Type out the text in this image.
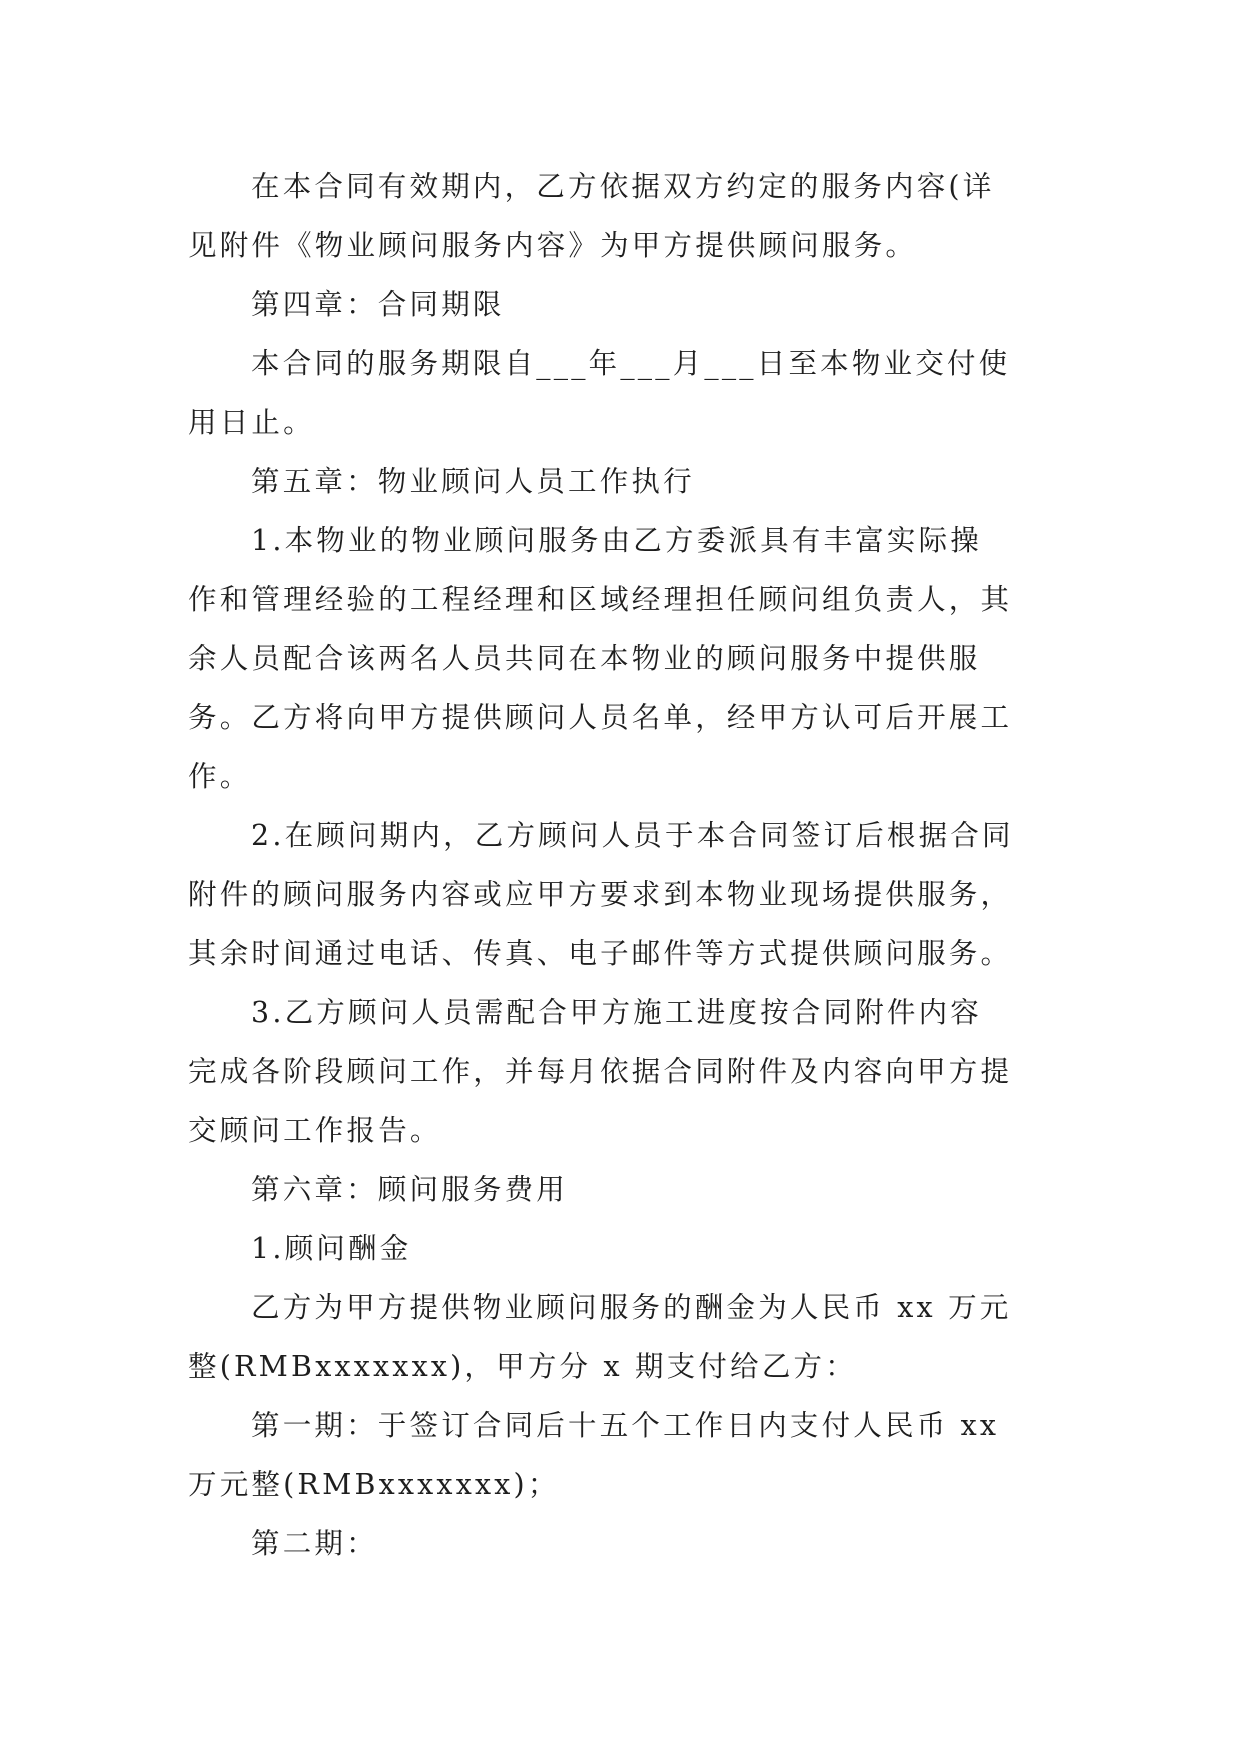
在本合同有效期内，乙方依据双方约定的服务内容(详
见附件《物业顾问服务内容》为甲方提供顾问服务。
第四章：合同期限
本合同的服务期限自___年___月___日至本物业交付使
用日止。
第五章：物业顾问人员工作执行
1.本物业的物业顾问服务由乙方委派具有丰富实际操
作和管理经验的工程经理和区域经理担任顾问组负责人，其
余人员配合该两名人员共同在本物业的顾问服务中提供服
务。乙方将向甲方提供顾问人员名单，经甲方认可后开展工
作。
2.在顾问期内，乙方顾问人员于本合同签订后根据合同
附件的顾问服务内容或应甲方要求到本物业现场提供服务，
其余时间通过电话、传真、电子邮件等方式提供顾问服务。
3.乙方顾问人员需配合甲方施工进度按合同附件内容
完成各阶段顾问工作，并每月依据合同附件及内容向甲方提
交顾问工作报告。
第六章：顾问服务费用
1.顾问酬金
乙方为甲方提供物业顾问服务的酬金为人民币 xx 万元
整(RMBxxxxxxx)，甲方分 x 期支付给乙方：
第一期：于签订合同后十五个工作日内支付人民币 xx
万元整(RMBxxxxxxx)；
第二期：
